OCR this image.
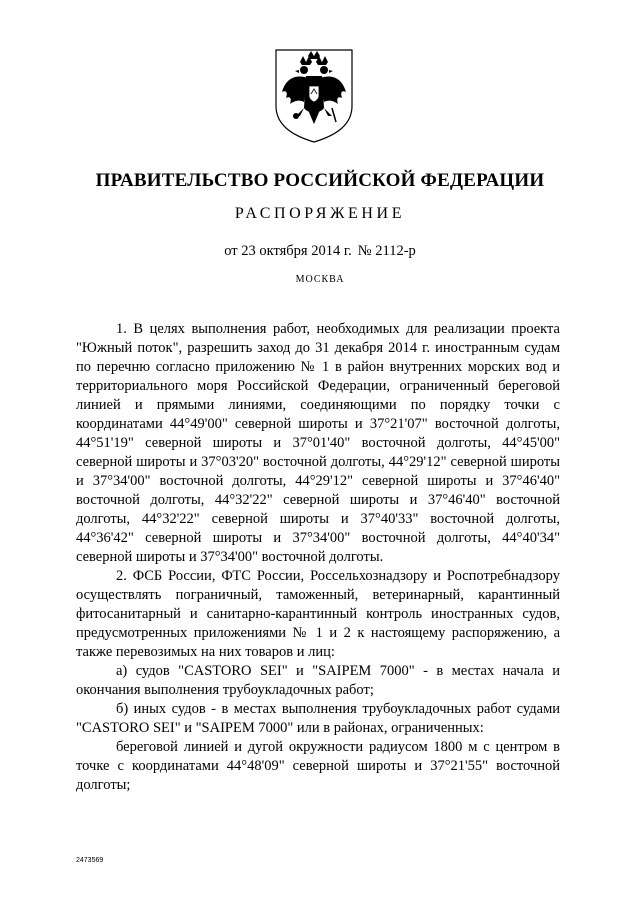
ПРАВИТЕЛЬСТВО РОССИЙСКОЙ ФЕДЕРАЦИИ
РАСПОРЯЖЕНИЕ
от 23 октября 2014 г. № 2112-р
МОСКВА

1. В целях выполнения работ, необходимых для реализации проекта "Южный поток", разрешить заход до 31 декабря 2014 г. иностранным судам по перечню согласно приложению № 1 в район внутренних морских вод и территориального моря Российской Федерации, ограниченный береговой линией и прямыми линиями, соединяющими по порядку точки с координатами 44°49'00" северной широты и 37°21'07" восточной долготы, 44°51'19" северной широты и 37°01'40" восточной долготы, 44°45'00" северной широты и 37°03'20" восточной долготы, 44°29'12" северной широты и 37°34'00" восточной долготы, 44°29'12" северной широты и 37°46'40" восточной долготы, 44°32'22" северной широты и 37°46'40" восточной долготы, 44°32'22" северной широты и 37°40'33" восточной долготы, 44°36'42" северной широты и 37°34'00" восточной долготы, 44°40'34" северной широты и 37°34'00" восточной долготы.

2. ФСБ России, ФТС России, Россельхознадзору и Роспотребнадзору осуществлять пограничный, таможенный, ветеринарный, карантинный фитосанитарный и санитарно-карантинный контроль иностранных судов, предусмотренных приложениями № 1 и 2 к настоящему распоряжению, а также перевозимых на них товаров и лиц:

а) судов "CASTORO SEI" и "SAIPEM 7000" - в местах начала и окончания выполнения трубоукладочных работ;

б) иных судов - в местах выполнения трубоукладочных работ судами "CASTORO SEI" и "SAIPEM 7000" или в районах, ограниченных:

береговой линией и дугой окружности радиусом 1800 м с центром в точке с координатами 44°48'09" северной широты и 37°21'55" восточной долготы;

2473569
